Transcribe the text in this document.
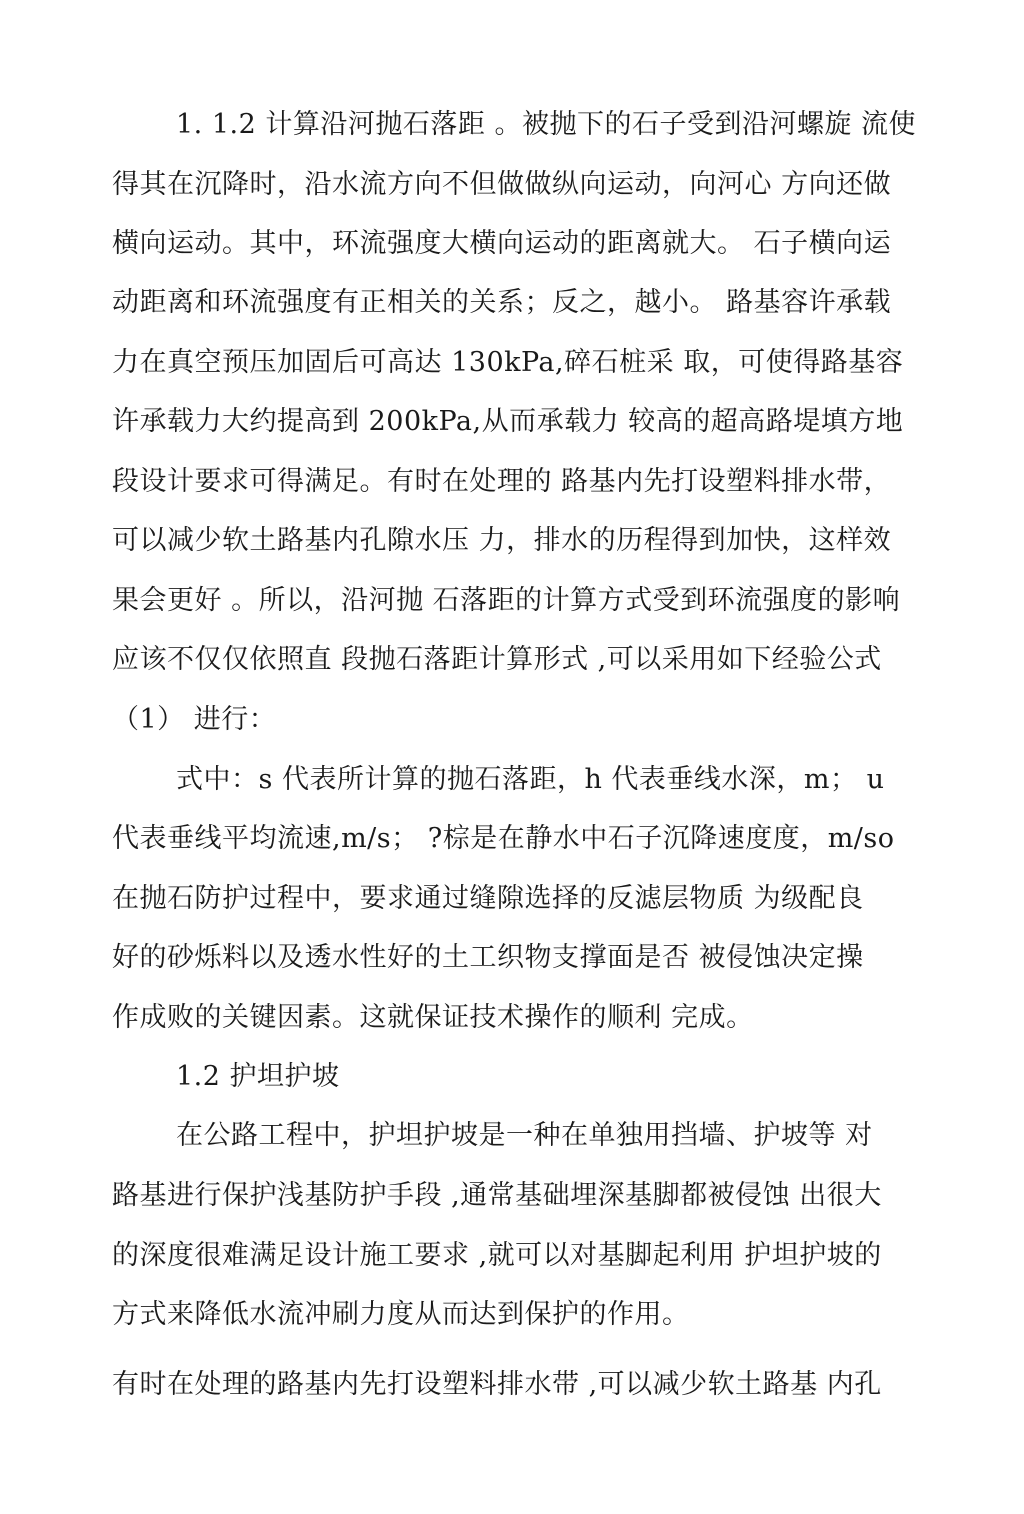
1. 1.2 计算沿河抛石落距 。被抛下的石子受到沿河螺旋 流使
得其在沉降时，沿水流方向不但做做纵向运动，向河心 方向还做
横向运动。其中，环流强度大横向运动的距离就大。 石子横向运
动距离和环流强度有正相关的关系；反之，越小。 路基容许承载
力在真空预压加固后可高达 130kPa,碎石桩采 取，可使得路基容
许承载力大约提高到 200kPa,从而承载力 较高的超高路堤填方地
段设计要求可得满足。有时在处理的 路基内先打设塑料排水带，
可以减少软土路基内孔隙水压 力，排水的历程得到加快，这样效
果会更好 。所以，沿河抛 石落距的计算方式受到环流强度的影响
应该不仅仅依照直 段抛石落距计算形式 ,可以采用如下经验公式
（1） 进行：
式中：s 代表所计算的抛石落距，h 代表垂线水深，m； u
代表垂线平均流速,m/s； ?棕是在静水中石子沉降速度度，m/so
在抛石防护过程中，要求通过缝隙选择的反滤层物质 为级配良
好的砂烁料以及透水性好的土工织物支撑面是否 被侵蚀决定操
作成败的关键因素。这就保证技术操作的顺利 完成。
1.2 护坦护坡
在公路工程中，护坦护坡是一种在单独用挡墙、护坡等 对
路基进行保护浅基防护手段 ,通常基础埋深基脚都被侵蚀 出很大
的深度很难满足设计施工要求 ,就可以对基脚起利用 护坦护坡的
方式来降低水流冲刷力度从而达到保护的作用。
有时在处理的路基内先打设塑料排水带 ,可以减少软土路基 内孔
